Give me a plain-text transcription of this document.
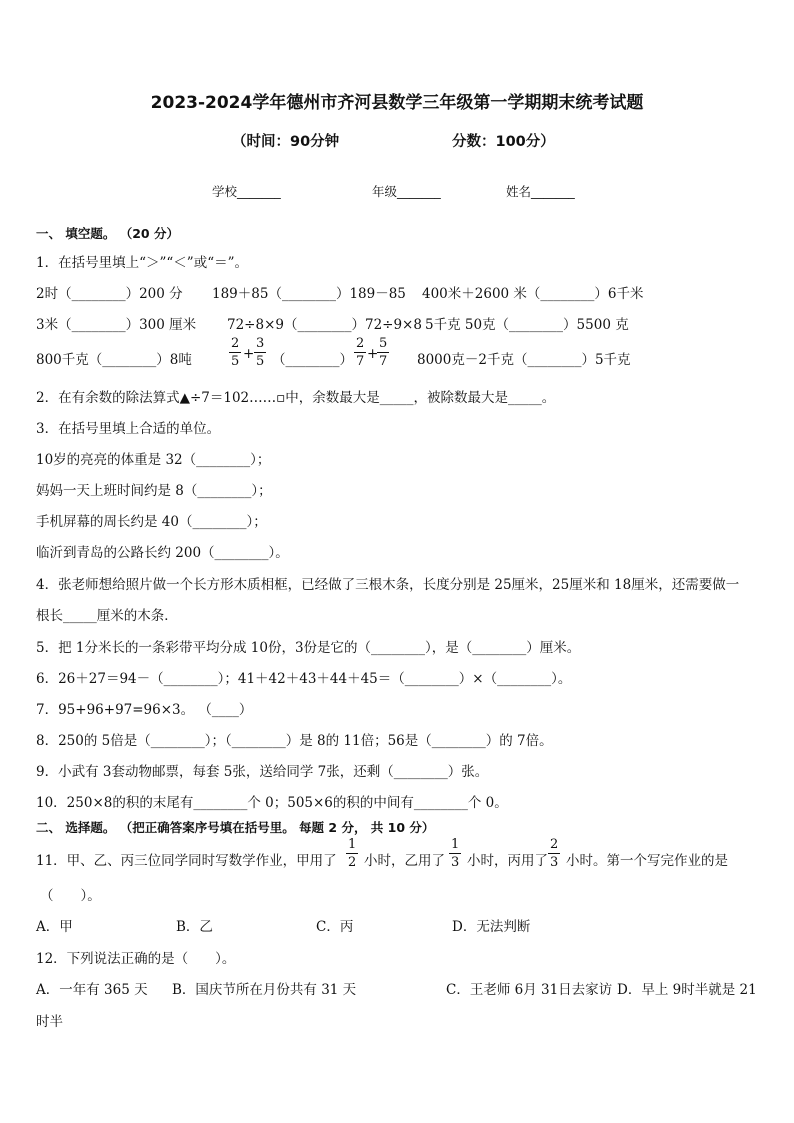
2023-2024学年德州市齐河县数学三年级第一学期期末统考试题
（时间：90分钟	分数：100分）
学校_______	年级_______	姓名_______
一、 填空题。 （20 分）
1．在括号里填上“＞”“＜”或“＝”。
2时（________）200 分 189＋85（________）189－85 400米＋2600 米（________）6千米
3米（________）300 厘米 72÷8×9（________）72÷9×8 5千克 50克（________）5500 克
800千克（________）8吨	$\frac{2}{5} + \frac{3}{5}$ （________） $\frac{2}{7}$ +
$\frac{5}{7} 8000$克－2千克（________）5千克
2．在有余数的除法算式▲÷7＝102……▫中，余数最大是_____，被除数最大是_____。
3．在括号里填上合适的单位。
10岁的亮亮的体重是 32（________）；
妈妈一天上班时间约是 8（________）；
手机屏幕的周长约是 40（________）；
临沂到青岛的公路长约 200（________）。
4．张老师想给照片做一个长方形木质相框，已经做了三根木条，长度分别是 25厘米，25厘米和 18厘米，还需要做一
根长_____厘米的木条．
5．把 1分米长的一条彩带平均分成 10份，3份是它的（________），是（________）厘米。
6．26＋27＝94－（________）；41＋42＋43＋44＋45＝（________）×（________）。
7．95+96+97=96×3。 （____）
8．250的 5倍是（________）；（________）是 8的 11倍；56是（________）的 7倍。
9．小武有 3套动物邮票，每套 5张，送给同学 7张，还剩（________）张。
10．250×8的积的末尾有________个 0；505×6的积的中间有________个 0。
二、 选择题。 （把正确答案序号填在括号里。 每题 2 分， 共 10 分）
11．甲、乙、丙三位同学同时写数学作业，甲用了 $\frac{1}{2}$ 小时，乙用了 $\frac{1}{3}$ 小时，丙用了 $\frac{2}{3}$ 小时。第一个写完作业的是
（　　）。
A．甲	B．乙	C．丙	D．无法判断
12．下列说法正确的是（　　）。
A．一年有 365 天 B．国庆节所在月份共有 31 天	C．王老师 6月 31日去家访 D．早上 9时半就是 21
时半
